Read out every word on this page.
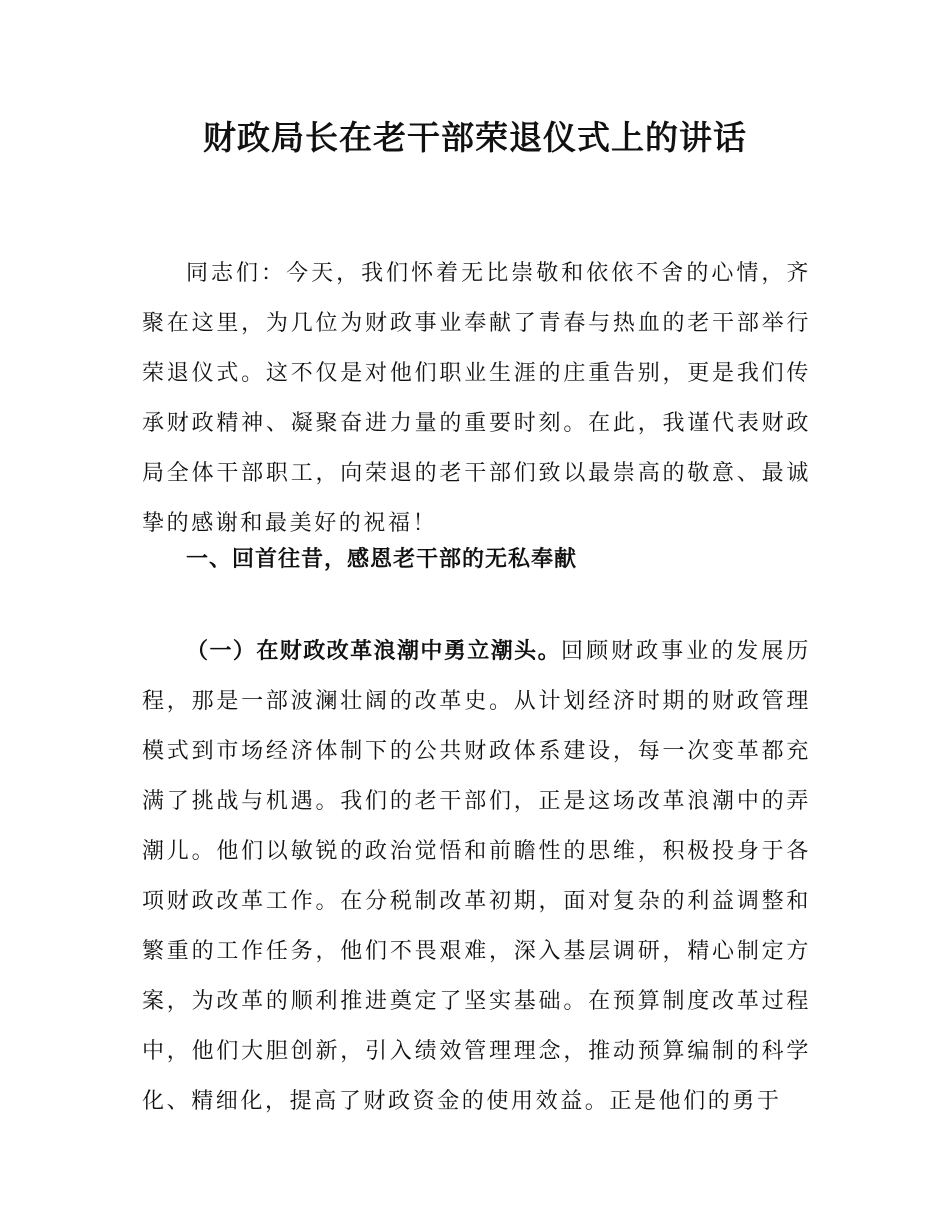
财政局长在老干部荣退仪式上的讲话

同志们：今天，我们怀着无比崇敬和依依不舍的心情，齐聚在这里，为几位为财政事业奉献了青春与热血的老干部举行荣退仪式。这不仅是对他们职业生涯的庄重告别，更是我们传承财政精神、凝聚奋进力量的重要时刻。在此，我谨代表财政局全体干部职工，向荣退的老干部们致以最崇高的敬意、最诚挚的感谢和最美好的祝福！

一、回首往昔，感恩老干部的无私奉献

（一）在财政改革浪潮中勇立潮头。回顾财政事业的发展历程，那是一部波澜壮阔的改革史。从计划经济时期的财政管理模式到市场经济体制下的公共财政体系建设，每一次变革都充满了挑战与机遇。我们的老干部们，正是这场改革浪潮中的弄潮儿。他们以敏锐的政治觉悟和前瞻性的思维，积极投身于各项财政改革工作。在分税制改革初期，面对复杂的利益调整和繁重的工作任务，他们不畏艰难，深入基层调研，精心制定方案，为改革的顺利推进奠定了坚实基础。在预算制度改革过程中，他们大胆创新，引入绩效管理理念，推动预算编制的科学化、精细化，提高了财政资金的使用效益。正是他们的勇于
